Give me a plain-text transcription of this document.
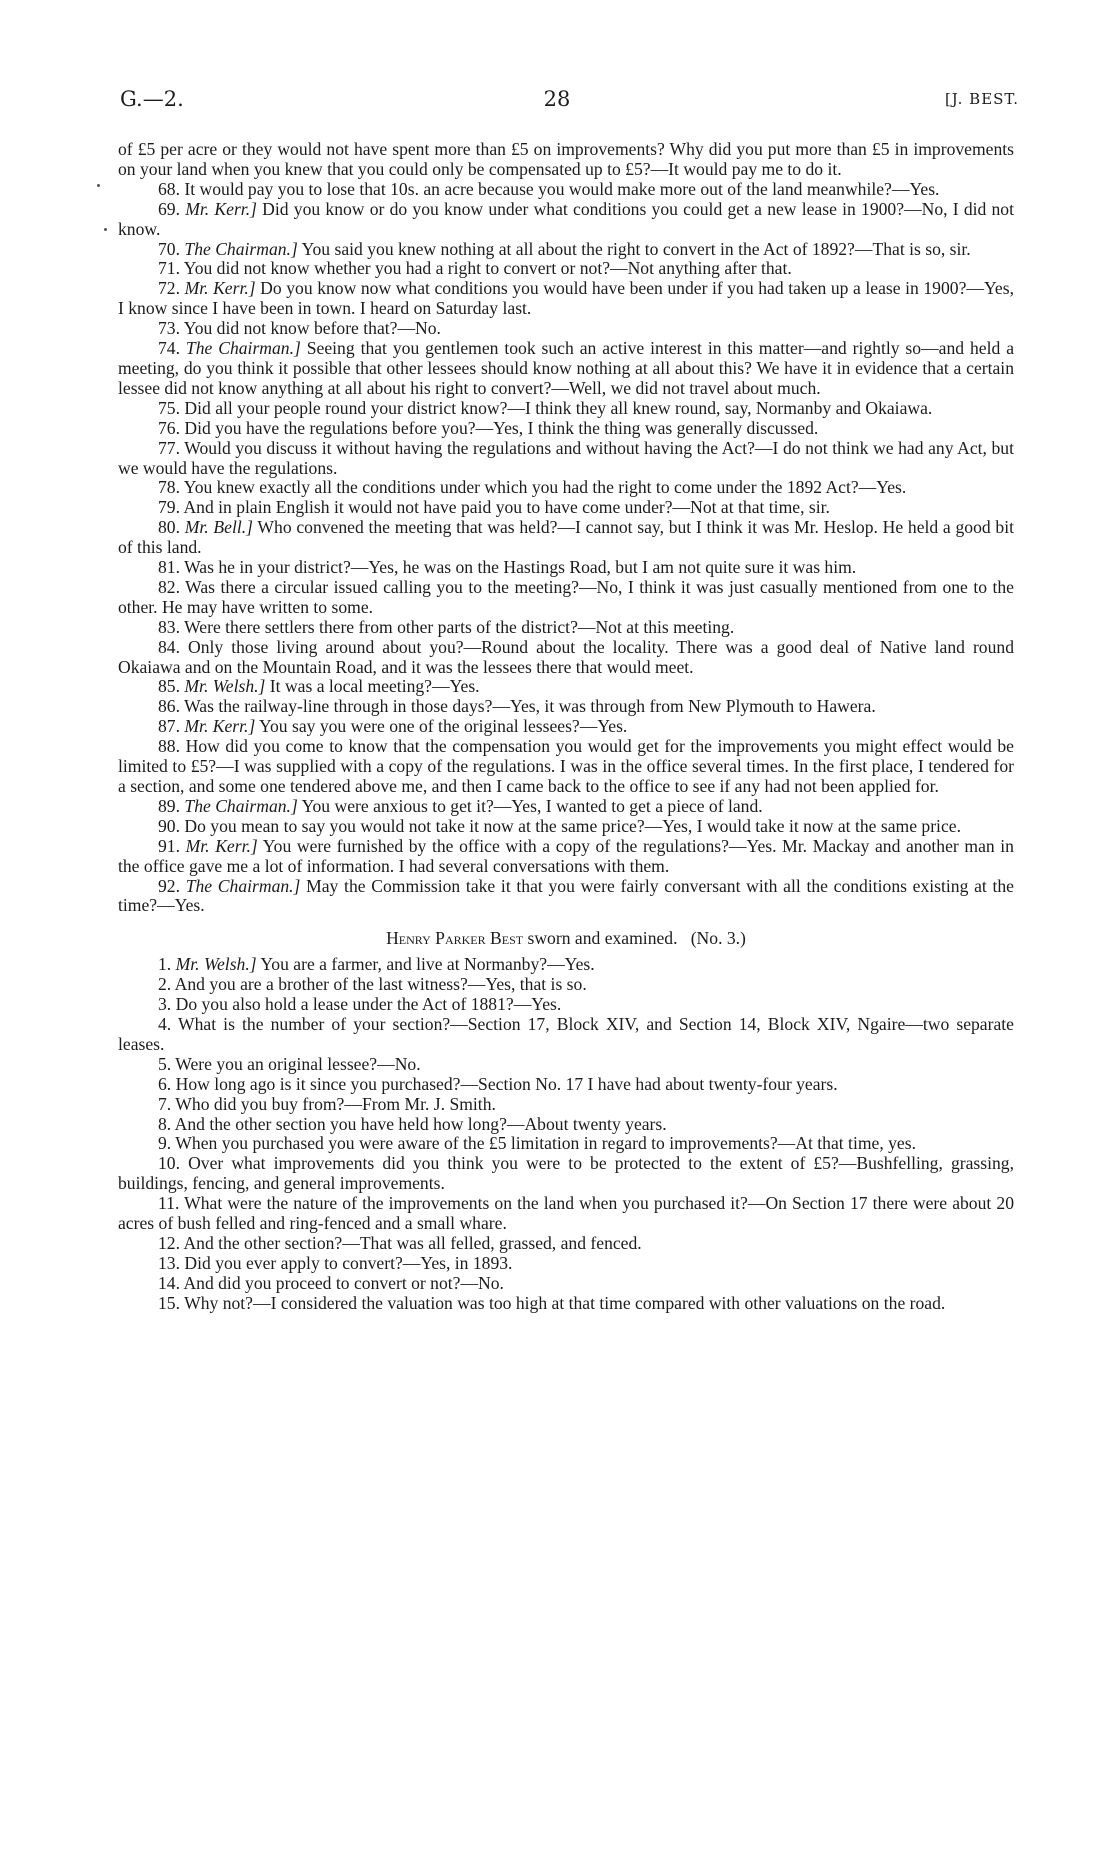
28
G.—2.	[J. BEST.

of £5 per acre or they would not have spent more than £5 on improvements? Why did you put more than £5 in improvements on your land when you knew that you could only be compensated up to £5?—It would pay me to do it.

68. It would pay you to lose that 10s. an acre because you would make more out of the land meanwhile?—Yes.

69. Mr. Kerr.] Did you know or do you know under what conditions you could get a new lease in 1900?—No, I did not know.

70. The Chairman.] You said you knew nothing at all about the right to convert in the Act of 1892?—That is so, sir.

71. You did not know whether you had a right to convert or not?—Not anything after that.

72. Mr. Kerr.] Do you know now what conditions you would have been under if you had taken up a lease in 1900?—Yes, I know since I have been in town. I heard on Saturday last.

73. You did not know before that?—No.

74. The Chairman.] Seeing that you gentlemen took such an active interest in this matter—and rightly so—and held a meeting, do you think it possible that other lessees should know nothing at all about this? We have it in evidence that a certain lessee did not know anything at all about his right to convert?—Well, we did not travel about much.

75. Did all your people round your district know?—I think they all knew round, say, Normanby and Okaiawa.

76. Did you have the regulations before you?—Yes, I think the thing was generally discussed.

77. Would you discuss it without having the regulations and without having the Act?—I do not think we had any Act, but we would have the regulations.

78. You knew exactly all the conditions under which you had the right to come under the 1892 Act?—Yes.

79. And in plain English it would not have paid you to have come under?—Not at that time, sir.

80. Mr. Bell.] Who convened the meeting that was held?—I cannot say, but I think it was Mr. Heslop. He held a good bit of this land.

81. Was he in your district?—Yes, he was on the Hastings Road, but I am not quite sure it was him.

82. Was there a circular issued calling you to the meeting?—No, I think it was just casually mentioned from one to the other. He may have written to some.

83. Were there settlers there from other parts of the district?—Not at this meeting.

84. Only those living around about you?—Round about the locality. There was a good deal of Native land round Okaiawa and on the Mountain Road, and it was the lessees there that would meet.

85. Mr. Welsh.] It was a local meeting?—Yes.

86. Was the railway-line through in those days?—Yes, it was through from New Plymouth to Hawera.

87. Mr. Kerr.] You say you were one of the original lessees?—Yes.

88. How did you come to know that the compensation you would get for the improvements you might effect would be limited to £5?—I was supplied with a copy of the regulations. I was in the office several times. In the first place, I tendered for a section, and some one tendered above me, and then I came back to the office to see if any had not been applied for.

89. The Chairman.] You were anxious to get it?—Yes, I wanted to get a piece of land.

90. Do you mean to say you would not take it now at the same price?—Yes, I would take it now at the same price.

91. Mr. Kerr.] You were furnished by the office with a copy of the regulations?—Yes. Mr. Mackay and another man in the office gave me a lot of information. I had several conversations with them.

92. The Chairman.] May the Commission take it that you were fairly conversant with all the conditions existing at the time?—Yes.

Henry Parker Best sworn and examined. (No. 3.)

1. Mr. Welsh.] You are a farmer, and live at Normanby?—Yes.

2. And you are a brother of the last witness?—Yes, that is so.

3. Do you also hold a lease under the Act of 1881?—Yes.

4. What is the number of your section?—Section 17, Block XIV, and Section 14, Block XIV, Ngaire—two separate leases.

5. Were you an original lessee?—No.

6. How long ago is it since you purchased?—Section No. 17 I have had about twenty-four years.

7. Who did you buy from?—From Mr. J. Smith.

8. And the other section you have held how long?—About twenty years.

9. When you purchased you were aware of the £5 limitation in regard to improvements?—At that time, yes.

10. Over what improvements did you think you were to be protected to the extent of £5?—Bushfelling, grassing, buildings, fencing, and general improvements.

11. What were the nature of the improvements on the land when you purchased it?—On Section 17 there were about 20 acres of bush felled and ring-fenced and a small whare.

12. And the other section?—That was all felled, grassed, and fenced.

13. Did you ever apply to convert?—Yes, in 1893.

14. And did you proceed to convert or not?—No.

15. Why not?—I considered the valuation was too high at that time compared with other valuations on the road.
